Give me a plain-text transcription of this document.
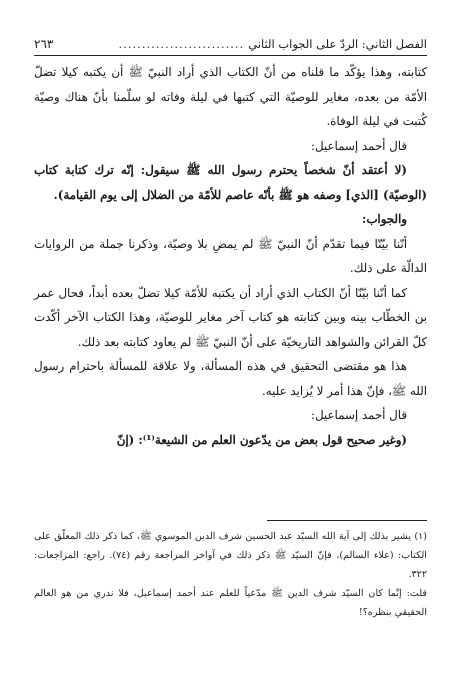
الفصل الثاني: الردّ على الجواب الثاني
...........................
٢٦٣

كتابته، وهذا يؤكّد ما قلناه من أنّ الكتاب الذي أراد النبيّ ﷺ أن يكتبه كيلا تضلّ الأمّة من بعده، مغاير للوصيّة التي كتبها في ليلة وفاته لو سلّمنا بأنّ هناك وصيّة كُتبت في ليلة الوفاة.

قال أحمد إسماعيل:

(لا أعتقد أنّ شخصاً يحترم رسول الله ﷺ سيقول: إنّه ترك كتابة كتاب (الوصيّة) [الذي] وصفه هو ﷺ بأنّه عاصم للأمّة من الضلال إلى يوم القيامة).

والجواب:

أنّنا بيّنّا فيما تقدّم أنّ النبيّ ﷺ لم يمضِ بلا وصيّة، وذكرنا جملة من الروايات الدالّة على ذلك.

كما أنّنا بيّنّا أنّ الكتاب الذي أراد أن يكتبه للأمّة كيلا تضلّ بعده أبداً، فحال عمر بن الخطّاب بينه وبين كتابته هو كتاب آخر مغاير للوصيّة، وهذا الكتاب الآخر أكّدت كلّ القرائن والشواهد التاريخيّة على أنّ النبيّ ﷺ لم يعاود كتابته بعد ذلك.

هذا هو مقتضى التحقيق في هذه المسألة، ولا علاقة للمسألة باحترام رسول الله ﷺ، فإنّ هذا أمر لا يُزايد عليه.

قال أحمد إسماعيل:

(وغير صحيح قول بعض من يدّعون العلم من الشيعة⁽¹⁾: (إنّ

(١) يشير بذلك إلى آية الله السيّد عبد الحسين شرف الدين الموسوي ﷺ، كما ذكر ذلك المعلّق على الكتاب: (علاء السالم)، فإنّ السيّد ﷺ ذكر ذلك في آواخر المراجعة رقم (٧٤). راجع: المراجعات: ٣٢٢.

قلت: إنّما كان السيّد شرف الدين ﷺ مدّعياً للعلم عند أحمد إسماعيل، فلا ندري من هو العالم الحقيقي بنظره؟!
